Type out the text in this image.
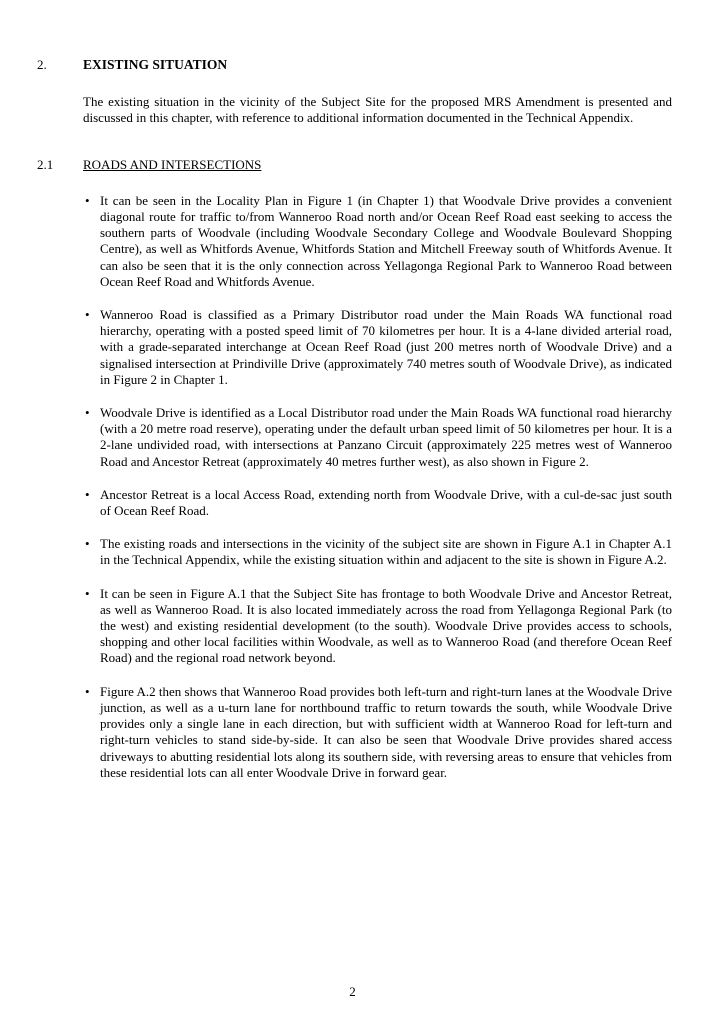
2.	EXISTING SITUATION

The existing situation in the vicinity of the Subject Site for the proposed MRS Amendment is presented and discussed in this chapter, with reference to additional information documented in the Technical Appendix.

2.1	ROADS AND INTERSECTIONS
• It can be seen in the Locality Plan in Figure 1 (in Chapter 1) that Woodvale Drive provides a convenient diagonal route for traffic to/from Wanneroo Road north and/or Ocean Reef Road east seeking to access the southern parts of Woodvale (including Woodvale Secondary College and Woodvale Boulevard Shopping Centre), as well as Whitfords Avenue, Whitfords Station and Mitchell Freeway south of Whitfords Avenue. It can also be seen that it is the only connection across Yellagonga Regional Park to Wanneroo Road between Ocean Reef Road and Whitfords Avenue.
• Wanneroo Road is classified as a Primary Distributor road under the Main Roads WA functional road hierarchy, operating with a posted speed limit of 70 kilometres per hour. It is a 4-lane divided arterial road, with a grade-separated interchange at Ocean Reef Road (just 200 metres north of Woodvale Drive) and a signalised intersection at Prindiville Drive (approximately 740 metres south of Woodvale Drive), as indicated in Figure 2 in Chapter 1.
• Woodvale Drive is identified as a Local Distributor road under the Main Roads WA functional road hierarchy (with a 20 metre road reserve), operating under the default urban speed limit of 50 kilometres per hour. It is a 2-lane undivided road, with intersections at Panzano Circuit (approximately 225 metres west of Wanneroo Road and Ancestor Retreat (approximately 40 metres further west), as also shown in Figure 2.
• Ancestor Retreat is a local Access Road, extending north from Woodvale Drive, with a cul-de-sac just south of Ocean Reef Road.
• The existing roads and intersections in the vicinity of the subject site are shown in Figure A.1 in Chapter A.1 in the Technical Appendix, while the existing situation within and adjacent to the site is shown in Figure A.2.
• It can be seen in Figure A.1 that the Subject Site has frontage to both Woodvale Drive and Ancestor Retreat, as well as Wanneroo Road. It is also located immediately across the road from Yellagonga Regional Park (to the west) and existing residential development (to the south). Woodvale Drive provides access to schools, shopping and other local facilities within Woodvale, as well as to Wanneroo Road (and therefore Ocean Reef Road) and the regional road network beyond.
• Figure A.2 then shows that Wanneroo Road provides both left-turn and right-turn lanes at the Woodvale Drive junction, as well as a u-turn lane for northbound traffic to return towards the south, while Woodvale Drive provides only a single lane in each direction, but with sufficient width at Wanneroo Road for left-turn and right-turn vehicles to stand side-by-side. It can also be seen that Woodvale Drive provides shared access driveways to abutting residential lots along its southern side, with reversing areas to ensure that vehicles from these residential lots can all enter Woodvale Drive in forward gear.
2
